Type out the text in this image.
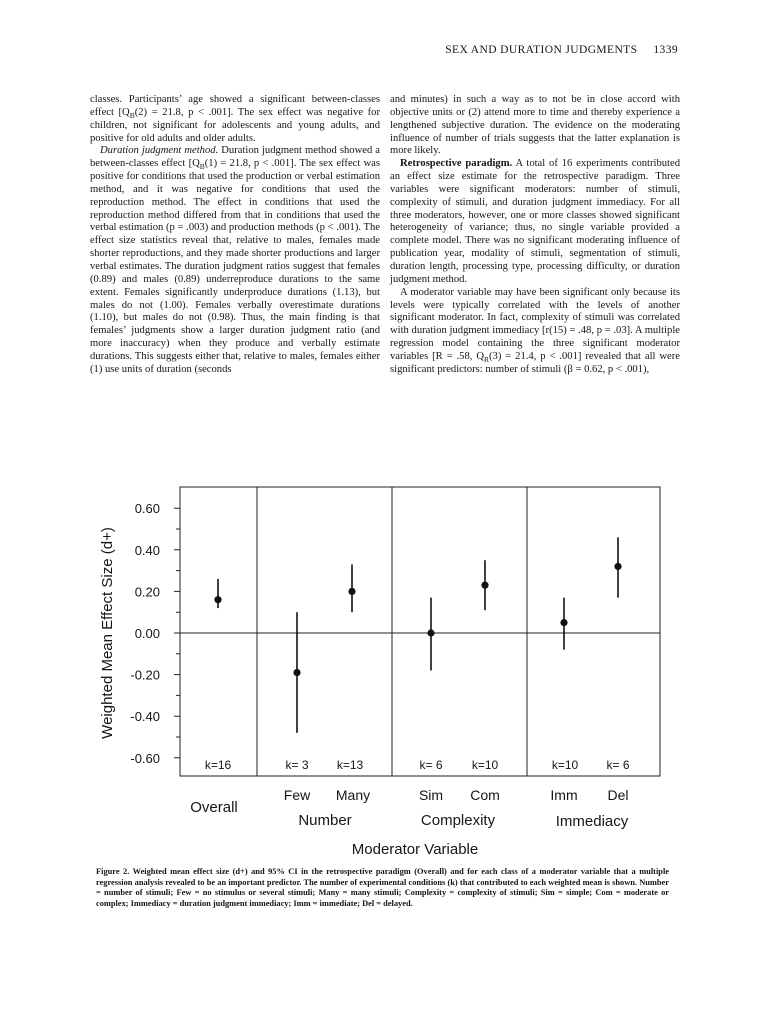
SEX AND DURATION JUDGMENTS 1339

classes. Participants’ age showed a significant between-classes effect [$Q_B(2) = 21.8$, p < .001]. The sex effect was negative for children, not significant for adolescents and young adults, and positive for old adults and older adults.

Duration judgment method. Duration judgment method showed a between-classes effect [$Q_B(1) = 21.8$, p < .001]. The sex effect was positive for conditions that used the production or verbal estimation method, and it was negative for conditions that used the reproduction method. The effect in conditions that used the reproduction method differed from that in conditions that used the verbal estimation (p = .003) and production methods (p < .001). The effect size statistics reveal that, relative to males, females made shorter reproductions, and they made shorter productions and larger verbal estimates. The duration judgment ratios suggest that females (0.89) and males (0.89) underreproduce durations to the same extent. Females significantly underproduce durations (1.13), but males do not (1.00). Females verbally overestimate durations (1.10), but males do not (0.98). Thus, the main finding is that females’ judgments show a larger duration judgment ratio (and more inaccuracy) when they produce and verbally estimate durations. This suggests either that, relative to males, females either (1) use units of duration (seconds

and minutes) in such a way as to not be in close accord with objective units or (2) attend more to time and thereby experience a lengthened subjective duration. The evidence on the moderating influence of number of trials suggests that the latter explanation is more likely.

Retrospective paradigm. A total of 16 experiments contributed an effect size estimate for the retrospective paradigm. Three variables were significant moderators: number of stimuli, complexity of stimuli, and duration judgment immediacy. For all three moderators, however, one or more classes showed significant heterogeneity of variance; thus, no single variable provided a complete model. There was no significant moderating influence of publication year, modality of stimuli, segmentation of stimuli, duration length, processing type, processing difficulty, or duration judgment method.

A moderator variable may have been significant only because its levels were typically correlated with the levels of another significant moderator. In fact, complexity of stimuli was correlated with duration judgment immediacy [r(15) = .48, p = .03]. A multiple regression model containing the three significant moderator variables [R = .58, $Q_R(3) = 21.4$, p < .001] revealed that all were significant predictors: number of stimuli (β = 0.62, p < .001),

Weighted Mean Effect Size (d+)
0.60
0.40
0.20
0.00
-0.20
-0.40
-0.60	k=16	k= 3 k=13	k= 6 k=10	k=10 k= 6
Overall
Number
Few Many
Complexity
Sim Com
Immediacy
Imm Del
Moderator Variable
Figure 2. Weighted mean effect size (d+) and 95% CI in the retrospective paradigm (Overall) and for each class of a moderator variable that a multiple regression analysis revealed to be an important predictor. The number of experimental conditions (k) that contributed to each weighted mean is shown. Number = number of stimuli; Few = no stimulus or several stimuli; Many = many stimuli; Complexity = complexity of stimuli; Sim = simple; Com = moderate or complex; Immediacy = duration judgment immediacy; Imm = immediate; Del = delayed.
